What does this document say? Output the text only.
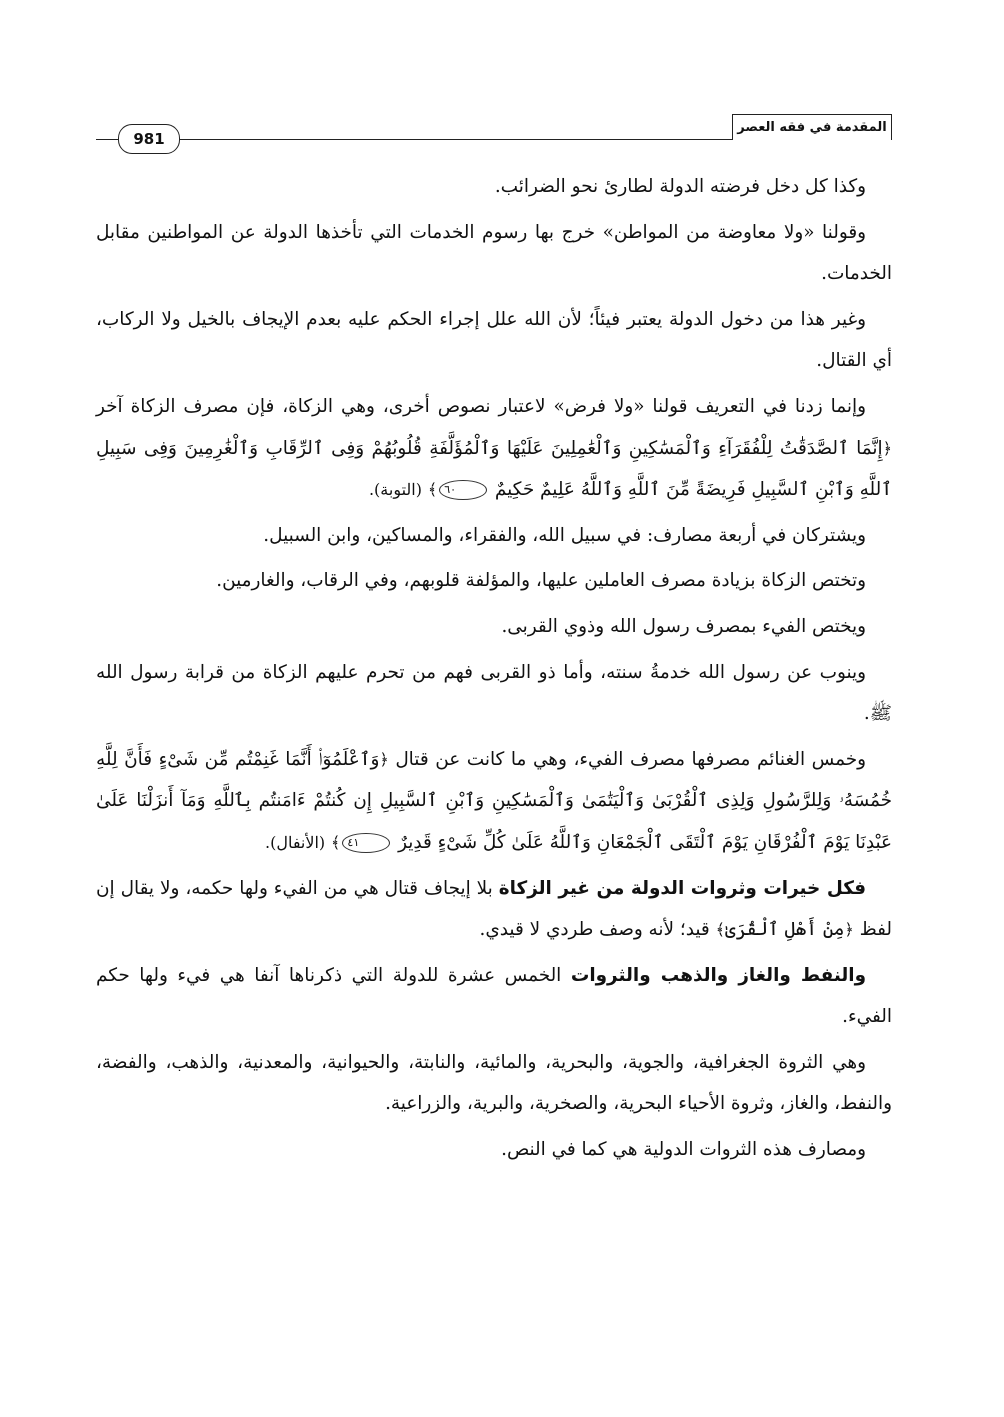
المقدمة في فقه العصر
981

وكذا كل دخل فرضته الدولة لطارئ نحو الضرائب.

وقولنا «ولا معاوضة من المواطن» خرج بها رسوم الخدمات التي تأخذها الدولة عن المواطنين مقابل الخدمات.

وغير هذا من دخول الدولة يعتبر فيئاً؛ لأن الله علل إجراء الحكم عليه بعدم الإيجاف بالخيل ولا الركاب، أي القتال.

وإنما زدنا في التعريف قولنا «ولا فرض» لاعتبار نصوص أخرى، وهي الزكاة، فإن مصرف الزكاة آخر ﴿إِنَّمَا ٱلصَّدَقَٰتُ لِلْفُقَرَآءِ وَٱلْمَسَٰكِينِ وَٱلْعَٰمِلِينَ عَلَيْهَا وَٱلْمُؤَلَّفَةِ قُلُوبُهُمْ وَفِى ٱلرِّقَابِ وَٱلْغَٰرِمِينَ وَفِى سَبِيلِ ٱللَّهِ وَٱبْنِ ٱلسَّبِيلِ فَرِيضَةً مِّنَ ٱللَّهِ وَٱللَّهُ عَلِيمٌ حَكِيمٌ ٦٠﴾ (التوبة).

ويشتركان في أربعة مصارف: في سبيل الله، والفقراء، والمساكين، وابن السبيل.

وتختص الزكاة بزيادة مصرف العاملين عليها، والمؤلفة قلوبهم، وفي الرقاب، والغارمين.

ويختص الفيء بمصرف رسول الله وذوي القربى.

وينوب عن رسول الله خدمةُ سنته، وأما ذو القربى فهم من تحرم عليهم الزكاة من قرابة رسول الله ﷺ.

وخمس الغنائم مصرفها مصرف الفيء، وهي ما كانت عن قتال ﴿وَٱعْلَمُوٓا۟ أَنَّمَا غَنِمْتُم مِّن شَىْءٍ فَأَنَّ لِلَّهِ خُمُسَهُۥ وَلِلرَّسُولِ وَلِذِى ٱلْقُرْبَىٰ وَٱلْيَتَٰمَىٰ وَٱلْمَسَٰكِينِ وَٱبْنِ ٱلسَّبِيلِ إِن كُنتُمْ ءَامَنتُم بِٱللَّهِ وَمَآ أَنزَلْنَا عَلَىٰ عَبْدِنَا يَوْمَ ٱلْفُرْقَانِ يَوْمَ ٱلْتَقَى ٱلْجَمْعَانِ وَٱللَّهُ عَلَىٰ كُلِّ شَىْءٍ قَدِيرٌ ٤١﴾ (الأنفال).

فكل خيرات وثروات الدولة من غير الزكاة بلا إيجاف قتال هي من الفيء ولها حكمه، ولا يقال إن لفظ ﴿مِنْ أَهْلِ ٱلْقُرَىٰ﴾ قيد؛ لأنه وصف طردي لا قيدي.

والنفط والغاز والذهب والثروات الخمس عشرة للدولة التي ذكرناها آنفا هي فيء ولها حكم الفيء.

وهي الثروة الجغرافية، والجوية، والبحرية، والمائية، والنابتة، والحيوانية، والمعدنية، والذهب، والفضة، والنفط، والغاز، وثروة الأحياء البحرية، والصخرية، والبرية، والزراعية.

ومصارف هذه الثروات الدولية هي كما في النص.
